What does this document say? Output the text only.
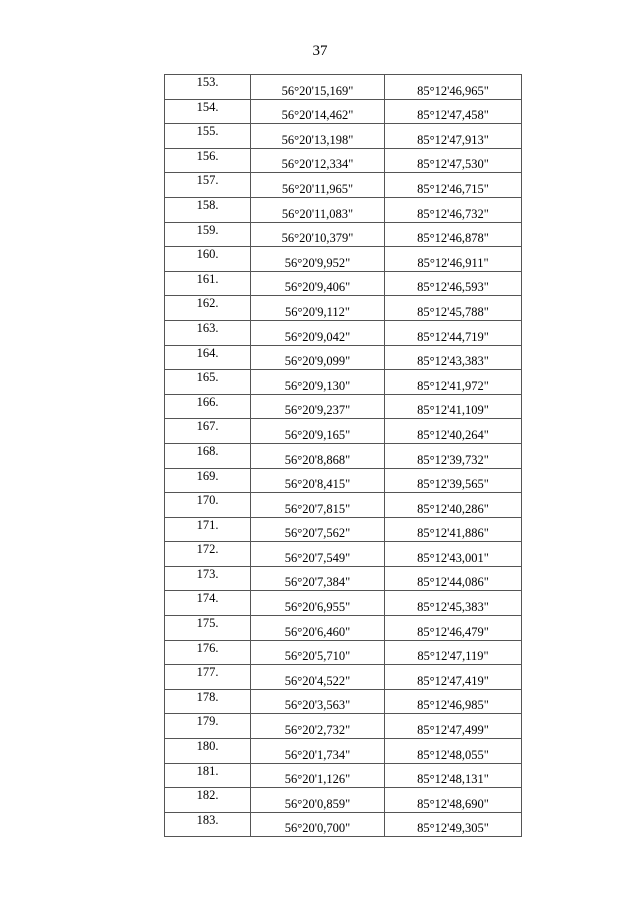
37
153.	56°20'15,169"	85°12'46,965"
154.	56°20'14,462"	85°12'47,458"
155.	56°20'13,198"	85°12'47,913"
156.	56°20'12,334"	85°12'47,530"
157.	56°20'11,965"	85°12'46,715"
158.	56°20'11,083"	85°12'46,732"
159.	56°20'10,379"	85°12'46,878"
160.	56°20'9,952"	85°12'46,911"
161.	56°20'9,406"	85°12'46,593"
162.	56°20'9,112"	85°12'45,788"
163.	56°20'9,042"	85°12'44,719"
164.	56°20'9,099"	85°12'43,383"
165.	56°20'9,130"	85°12'41,972"
166.	56°20'9,237"	85°12'41,109"
167.	56°20'9,165"	85°12'40,264"
168.	56°20'8,868"	85°12'39,732"
169.	56°20'8,415"	85°12'39,565"
170.	56°20'7,815"	85°12'40,286"
171.	56°20'7,562"	85°12'41,886"
172.	56°20'7,549"	85°12'43,001"
173.	56°20'7,384"	85°12'44,086"
174.	56°20'6,955"	85°12'45,383"
175.	56°20'6,460"	85°12'46,479"
176.	56°20'5,710"	85°12'47,119"
177.	56°20'4,522"	85°12'47,419"
178.	56°20'3,563"	85°12'46,985"
179.	56°20'2,732"	85°12'47,499"
180.	56°20'1,734"	85°12'48,055"
181.	56°20'1,126"	85°12'48,131"
182.	56°20'0,859"	85°12'48,690"
183.	56°20'0,700"	85°12'49,305"
